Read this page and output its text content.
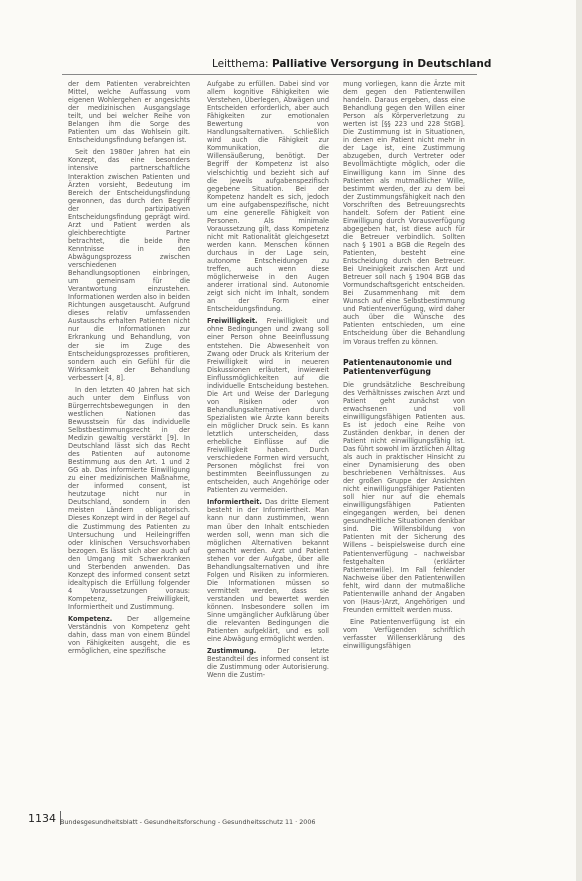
Leitthema: Palliative Versorgung in Deutschland

der dem Patienten verabreichten Mittel, welche Auffassung vom eigenen Wohlergehen er angesichts der medizinischen Ausgangslage teilt, und bei welcher Reihe von Belangen ihm die Sorge des Patienten um das Wohlsein gilt. Entscheidungsfindung befangen ist.

Seit den 1980er Jahren hat ein Konzept, das eine besonders intensive partnerschaftliche Interaktion zwischen Patienten und Ärzten vorsieht, Bedeutung im Bereich der Entscheidungsfindung gewonnen, das durch den Begriff der partizipativen Entscheidungsfindung geprägt wird. Arzt und Patient werden als gleichberechtigte Partner betrachtet, die beide ihre Kenntnisse in den Abwägungsprozess zwischen verschiedenen Behandlungsoptionen einbringen, um gemeinsam für die Verantwortung einzustehen. Informationen werden also in beiden Richtungen ausgetauscht. Aufgrund dieses relativ umfassenden Austauschs erhalten Patienten nicht nur die Informationen zur Erkrankung und Behandlung, von der sie im Zuge des Entscheidungsprozesses profitieren, sondern auch ein Gefühl für die Wirksamkeit der Behandlung verbessert [4, 8].

In den letzten 40 Jahren hat sich auch unter dem Einfluss von Bürgerrechtsbewegungen in den westlichen Nationen das Bewusstsein für das individuelle Selbstbestimmungsrecht in der Medizin gewaltig verstärkt [9]. In Deutschland lässt sich das Recht des Patienten auf autonome Bestimmung aus den Art. 1 und 2 GG ab. Das informierte Einwilligung zu einer medizinischen Maßnahme, der informed consent, ist heutzutage nicht nur in Deutschland, sondern in den meisten Ländern obligatorisch. Dieses Konzept wird in der Regel auf die Zustimmung des Patienten zu Untersuchung und Heileingriffen oder klinischen Versuchsvorhaben bezogen. Es lässt sich aber auch auf den Umgang mit Schwerkranken und Sterbenden anwenden. Das Konzept des informed consent setzt idealtypisch die Erfüllung folgender 4 Voraussetzungen voraus: Kompetenz, Freiwilligkeit, Informiertheit und Zustimmung.

Kompetenz. Der allgemeine Verständnis von Kompetenz geht dahin, dass man von einem Bündel von Fähigkeiten ausgeht, die es ermöglichen, eine spezifische

Aufgabe zu erfüllen. Dabei sind vor allem kognitive Fähigkeiten wie Verstehen, Überlegen, Abwägen und Entscheiden erforderlich, aber auch Fähigkeiten zur emotionalen Bewertung von Handlungsalternativen. Schließlich wird auch die Fähigkeit zur Kommunikation, die Willensäußerung, benötigt. Der Begriff der Kompetenz ist also vielschichtig und bezieht sich auf die jeweils aufgabenspezifisch gegebene Situation. Bei der Kompetenz handelt es sich, jedoch um eine aufgabenspezifische, nicht um eine generelle Fähigkeit von Personen. Als minimale Voraussetzung gilt, dass Kompetenz nicht mit Rationalität gleichgesetzt werden kann. Menschen können durchaus in der Lage sein, autonome Entscheidungen zu treffen, auch wenn diese möglicherweise in den Augen anderer irrational sind. Autonomie zeigt sich nicht im Inhalt, sondern an der Form einer Entscheidungsfindung.

Freiwilligkeit. Freiwilligkeit und ohne Bedingungen und zwang soll einer Person ohne Beeinflussung entstehen. Die Abwesenheit von Zwang oder Druck als Kriterium der Freiwilligkeit wird in neueren Diskussionen erläutert, inwieweit Einflussmöglichkeiten auf die individuelle Entscheidung bestehen. Die Art und Weise der Darlegung von Risiken oder von Behandlungsalternativen durch Spezialisten wie Ärzte kann bereits ein möglicher Druck sein. Es kann letztlich unterscheiden, dass erhebliche Einflüsse auf die Freiwilligkeit haben. Durch verschiedene Formen wird versucht, Personen möglichst frei von bestimmten Beeinflussungen zu entscheiden, auch Angehörige oder Patienten zu vermeiden.

Informiertheit. Das dritte Element besteht in der Informiertheit. Man kann nur dann zustimmen, wenn man über den Inhalt entschieden werden soll, wenn man sich die möglichen Alternativen bekannt gemacht werden. Arzt und Patient stehen vor der Aufgabe, über alle Behandlungsalternativen und ihre Folgen und Risiken zu informieren. Die Informationen müssen so vermittelt werden, dass sie verstanden und bewertet werden können. Insbesondere sollen im Sinne umgänglicher Aufklärung über die relevanten Bedingungen die Patienten aufgeklärt, und es soll eine Abwägung ermöglicht werden.

Zustimmung. Der letzte Bestandteil des informed consent ist die Zustimmung oder Autorisierung. Wenn die Zustim-

mung vorliegen, kann die Ärzte mit dem gegen den Patientenwillen handeln. Daraus ergeben, dass eine Behandlung gegen den Willen einer Person als Körperverletzung zu werten ist [§§ 223 und 228 StGB]. Die Zustimmung ist in Situationen, in denen ein Patient nicht mehr in der Lage ist, eine Zustimmung abzugeben, durch Vertreter oder Bevollmächtigte möglich, oder die Einwilligung kann im Sinne des Patienten als mutmaßlicher Wille, bestimmt werden, der zu dem bei der Zustimmungsfähigkeit nach den Vorschriften des Betreuungsrechts handelt. Sofern der Patient eine Einwilligung durch Vorausverfügung abgegeben hat, ist diese auch für die Betreuer verbindlich. Sollten nach § 1901 a BGB die Regeln des Patienten, besteht eine Entscheidung durch den Betreuer. Bei Uneinigkeit zwischen Arzt und Betreuer soll nach § 1904 BGB das Vormundschaftsgericht entscheiden. Bei Zusammenhang mit dem Wunsch auf eine Selbstbestimmung und Patientenverfügung, wird daher auch über die Wünsche des Patienten entschieden, um eine Entscheidung über die Behandlung im Voraus treffen zu können.

Patientenautonomie und Patientenverfügung

Die grundsätzliche Beschreibung des Verhältnisses zwischen Arzt und Patient geht zunächst von erwachsenen und voll einwilligungsfähigen Patienten aus. Es ist jedoch eine Reihe von Zuständen denkbar, in denen der Patient nicht einwilligungsfähig ist. Das führt sowohl im ärztlichen Alltag als auch in praktischer Hinsicht zu einer Dynamisierung des oben beschriebenen Verhältnisses. Aus der großen Gruppe der Ansichten nicht einwilligungsfähiger Patienten soll hier nur auf die ehemals einwilligungsfähigen Patienten eingegangen werden, bei denen gesundheitliche Situationen denkbar sind. Die Willensbildung von Patienten mit der Sicherung des Willens – beispielsweise durch eine Patientenverfügung – nachweisbar festgehalten (erklärter Patientenwille). Im Fall fehlender Nachweise über den Patientenwillen fehlt, wird dann der mutmaßliche Patientenwille anhand der Angaben von (Haus-)Arzt, Angehörigen und Freunden ermittelt werden muss.

Eine Patientenverfügung ist ein vom Verfügenden schriftlich verfasster Willenserklärung des einwilligungsfähigen

1134 Bundesgesundheitsblatt - Gesundheitsforschung - Gesundheitsschutz 11 · 2006
